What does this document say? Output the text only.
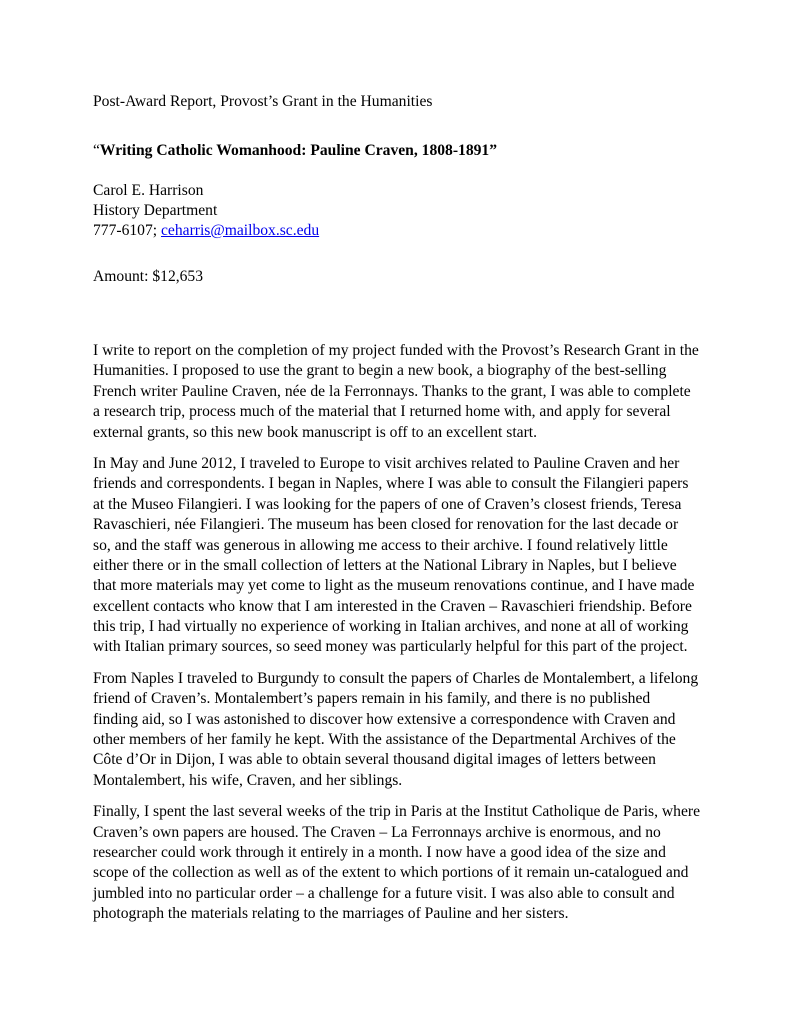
Post-Award Report, Provost’s Grant in the Humanities

“Writing Catholic Womanhood: Pauline Craven, 1808-1891”

Carol E. Harrison

History Department

777-6107; ceharris@mailbox.sc.edu

Amount: $12,653

I write to report on the completion of my project funded with the Provost’s Research Grant in the
Humanities. I proposed to use the grant to begin a new book, a biography of the best-selling
French writer Pauline Craven, née de la Ferronnays. Thanks to the grant, I was able to complete
a research trip, process much of the material that I returned home with, and apply for several
external grants, so this new book manuscript is off to an excellent start.
In May and June 2012, I traveled to Europe to visit archives related to Pauline Craven and her
friends and correspondents. I began in Naples, where I was able to consult the Filangieri papers
at the Museo Filangieri. I was looking for the papers of one of Craven’s closest friends, Teresa
Ravaschieri, née Filangieri. The museum has been closed for renovation for the last decade or
so, and the staff was generous in allowing me access to their archive. I found relatively little
either there or in the small collection of letters at the National Library in Naples, but I believe
that more materials may yet come to light as the museum renovations continue, and I have made
excellent contacts who know that I am interested in the Craven – Ravaschieri friendship. Before
this trip, I had virtually no experience of working in Italian archives, and none at all of working
with Italian primary sources, so seed money was particularly helpful for this part of the project.
From Naples I traveled to Burgundy to consult the papers of Charles de Montalembert, a lifelong
friend of Craven’s. Montalembert’s papers remain in his family, and there is no published
finding aid, so I was astonished to discover how extensive a correspondence with Craven and
other members of her family he kept. With the assistance of the Departmental Archives of the
Côte d’Or in Dijon, I was able to obtain several thousand digital images of letters between
Montalembert, his wife, Craven, and her siblings.
Finally, I spent the last several weeks of the trip in Paris at the Institut Catholique de Paris, where
Craven’s own papers are housed. The Craven – La Ferronnays archive is enormous, and no
researcher could work through it entirely in a month. I now have a good idea of the size and
scope of the collection as well as of the extent to which portions of it remain un-catalogued and
jumbled into no particular order – a challenge for a future visit. I was also able to consult and
photograph the materials relating to the marriages of Pauline and her sisters.
